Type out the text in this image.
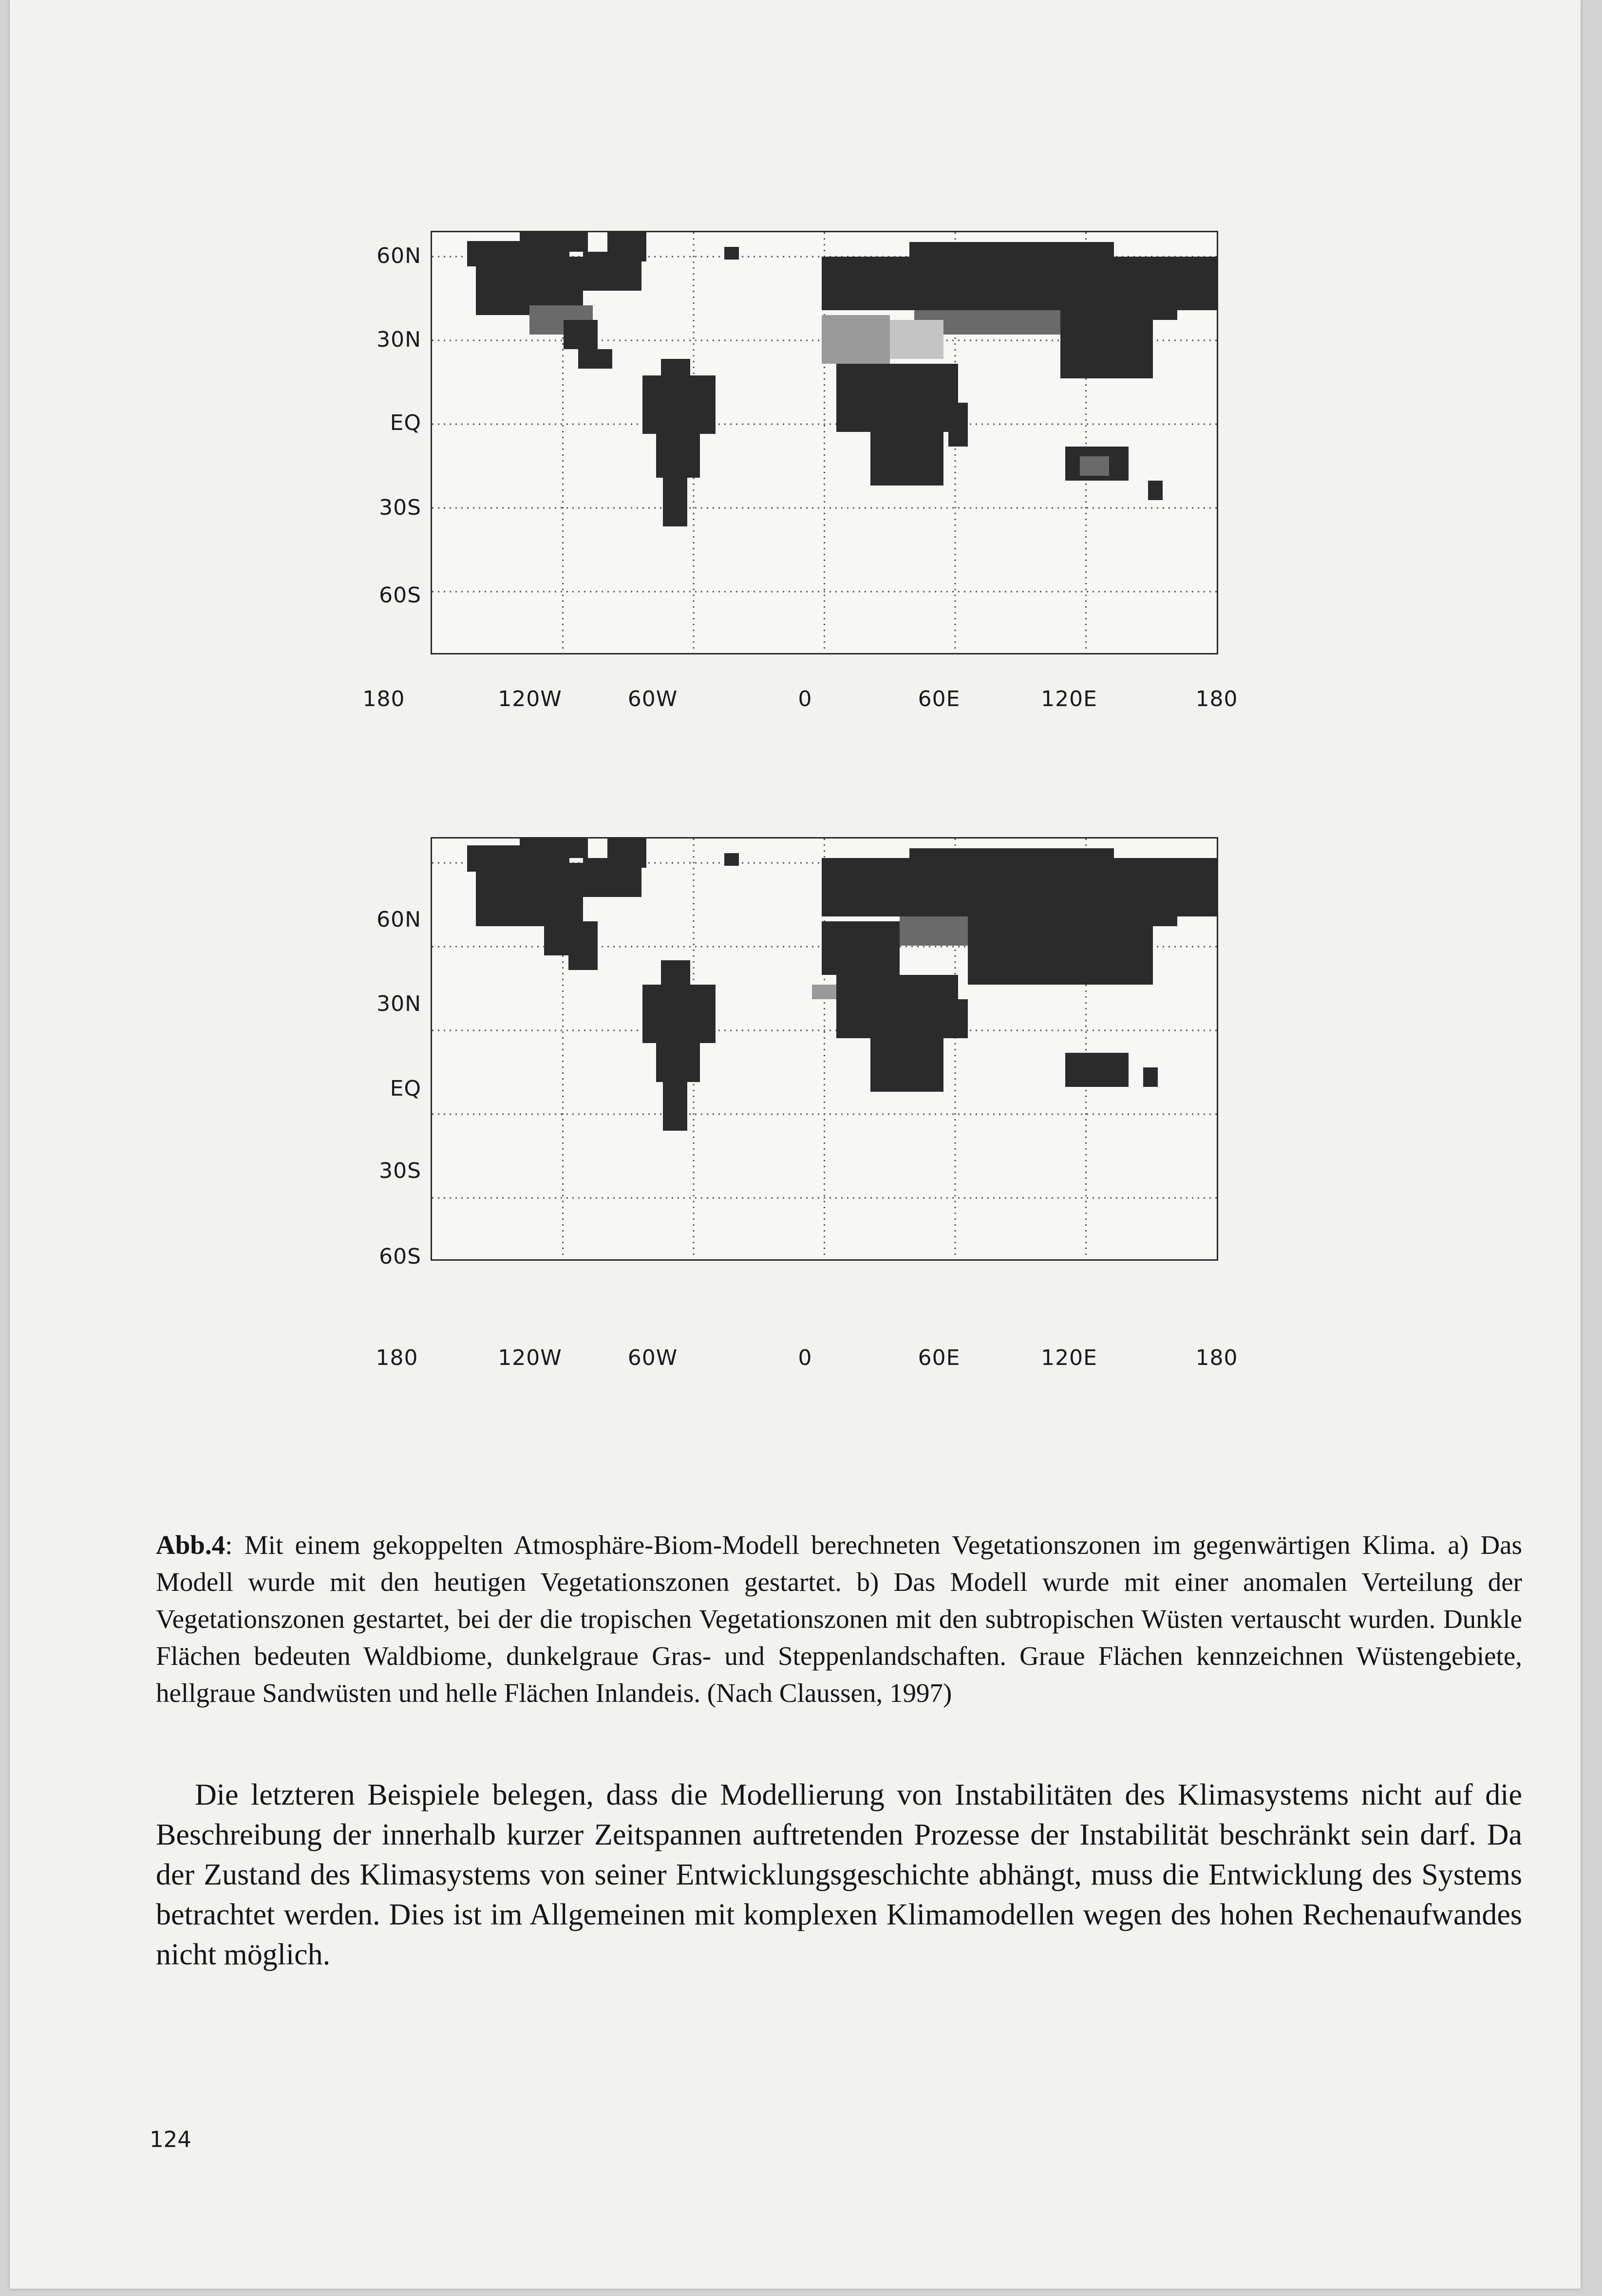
60N
30N
EQ
30S
60S
180	120W	60W	0	60E	120E	180
60N
30N
EQ
30S
60S
180	120W	60W	0	60E	120E	180
Abb.4: Mit einem gekoppelten Atmosphäre-Biom-Modell berechneten Vegetationszonen im gegenwärtigen Klima. a) Das Modell wurde mit den heutigen Vegetationszonen gestartet. b) Das Modell wurde mit einer anomalen Verteilung der Vegetationszonen gestartet, bei der die tropischen Vegetationszonen mit den subtropischen Wüsten vertauscht wurden. Dunkle Flächen bedeuten Waldbiome, dunkelgraue Gras- und Steppenlandschaften. Graue Flächen kennzeichnen Wüstengebiete, hellgraue Sandwüsten und helle Flächen Inlandeis. (Nach Claussen, 1997)
Die letzteren Beispiele belegen, dass die Modellierung von Instabilitäten des Klimasystems nicht auf die Beschreibung der innerhalb kurzer Zeitspannen auftretenden Prozesse der Instabilität beschränkt sein darf. Da der Zustand des Klimasystems von seiner Entwicklungsgeschichte abhängt, muss die Entwicklung des Systems betrachtet werden. Dies ist im Allgemeinen mit komplexen Klimamodellen wegen des hohen Rechenaufwandes nicht möglich.
124
